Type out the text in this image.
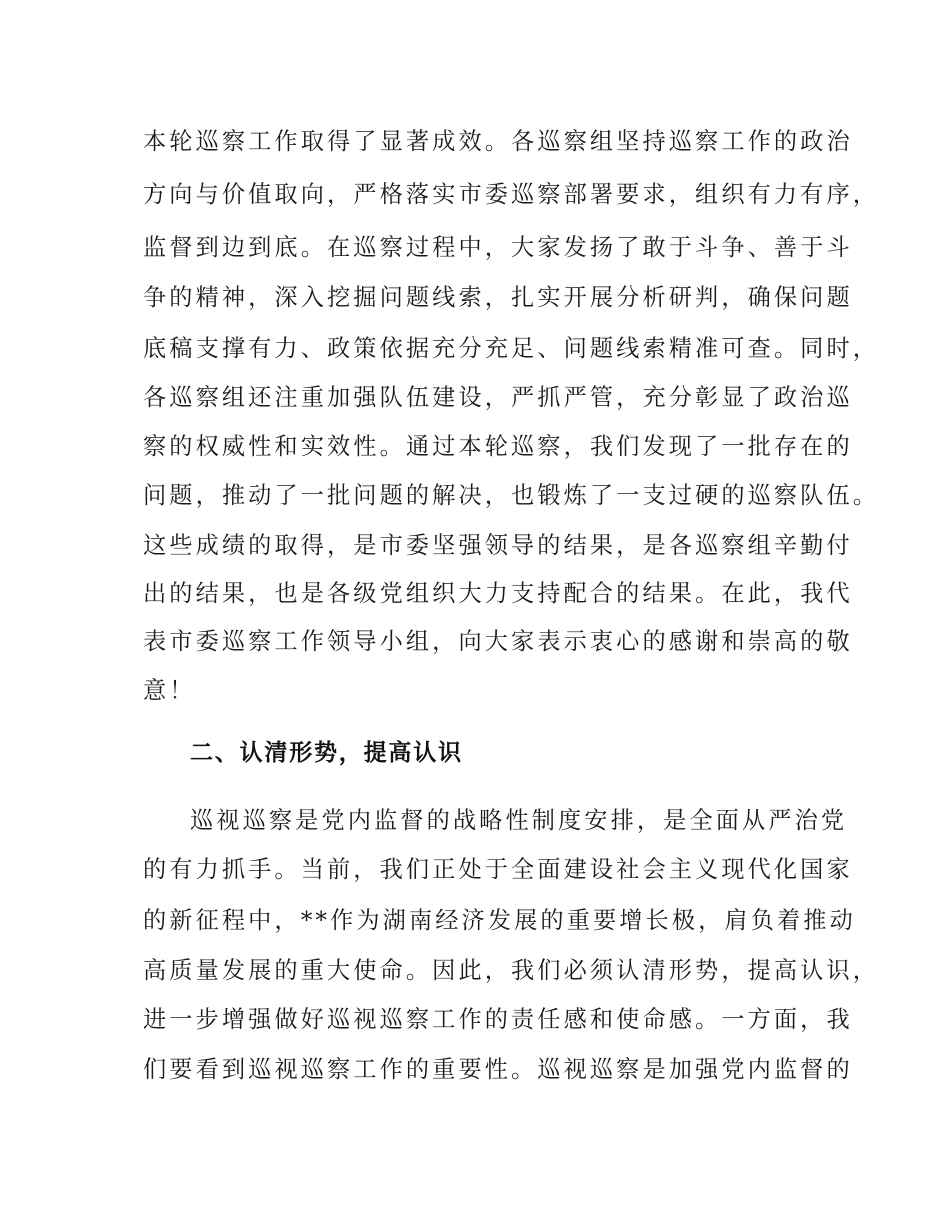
本轮巡察工作取得了显著成效。各巡察组坚持巡察工作的政治

方向与价值取向，严格落实市委巡察部署要求，组织有力有序，

监督到边到底。在巡察过程中，大家发扬了敢于斗争、善于斗

争的精神，深入挖掘问题线索，扎实开展分析研判，确保问题

底稿支撑有力、政策依据充分充足、问题线索精准可查。同时，

各巡察组还注重加强队伍建设，严抓严管，充分彰显了政治巡

察的权威性和实效性。通过本轮巡察，我们发现了一批存在的

问题，推动了一批问题的解决，也锻炼了一支过硬的巡察队伍。

这些成绩的取得，是市委坚强领导的结果，是各巡察组辛勤付

出的结果，也是各级党组织大力支持配合的结果。在此，我代

表市委巡察工作领导小组，向大家表示衷心的感谢和崇高的敬

意！

二、认清形势，提高认识

巡视巡察是党内监督的战略性制度安排，是全面从严治党

的有力抓手。当前，我们正处于全面建设社会主义现代化国家

的新征程中，**作为湖南经济发展的重要增长极，肩负着推动

高质量发展的重大使命。因此，我们必须认清形势，提高认识，

进一步增强做好巡视巡察工作的责任感和使命感。一方面，我

们要看到巡视巡察工作的重要性。巡视巡察是加强党内监督的
